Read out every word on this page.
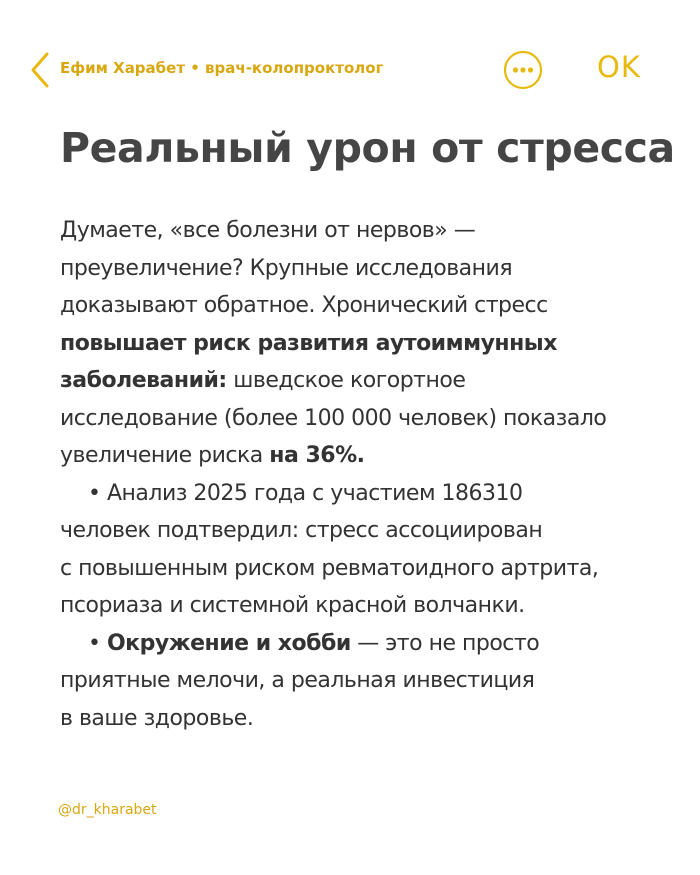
Ефим Харабет • врач-колопроктолог	OK
Реальный урон от стресса
Думаете, «все болезни от нервов» —
преувеличение? Крупные исследования
доказывают обратное. Хронический стресс
повышает риск развития аутоиммунных
заболеваний: шведское когортное
исследование (более 100 000 человек) показало
увеличение риска на 36%.
• Анализ 2025 года с участием 186310
человек подтвердил: стресс ассоциирован
с повышенным риском ревматоидного артрита,
псориаза и системной красной волчанки.
• Окружение и хобби — это не просто
приятные мелочи, а реальная инвестиция
в ваше здоровье.
@dr_kharabet
